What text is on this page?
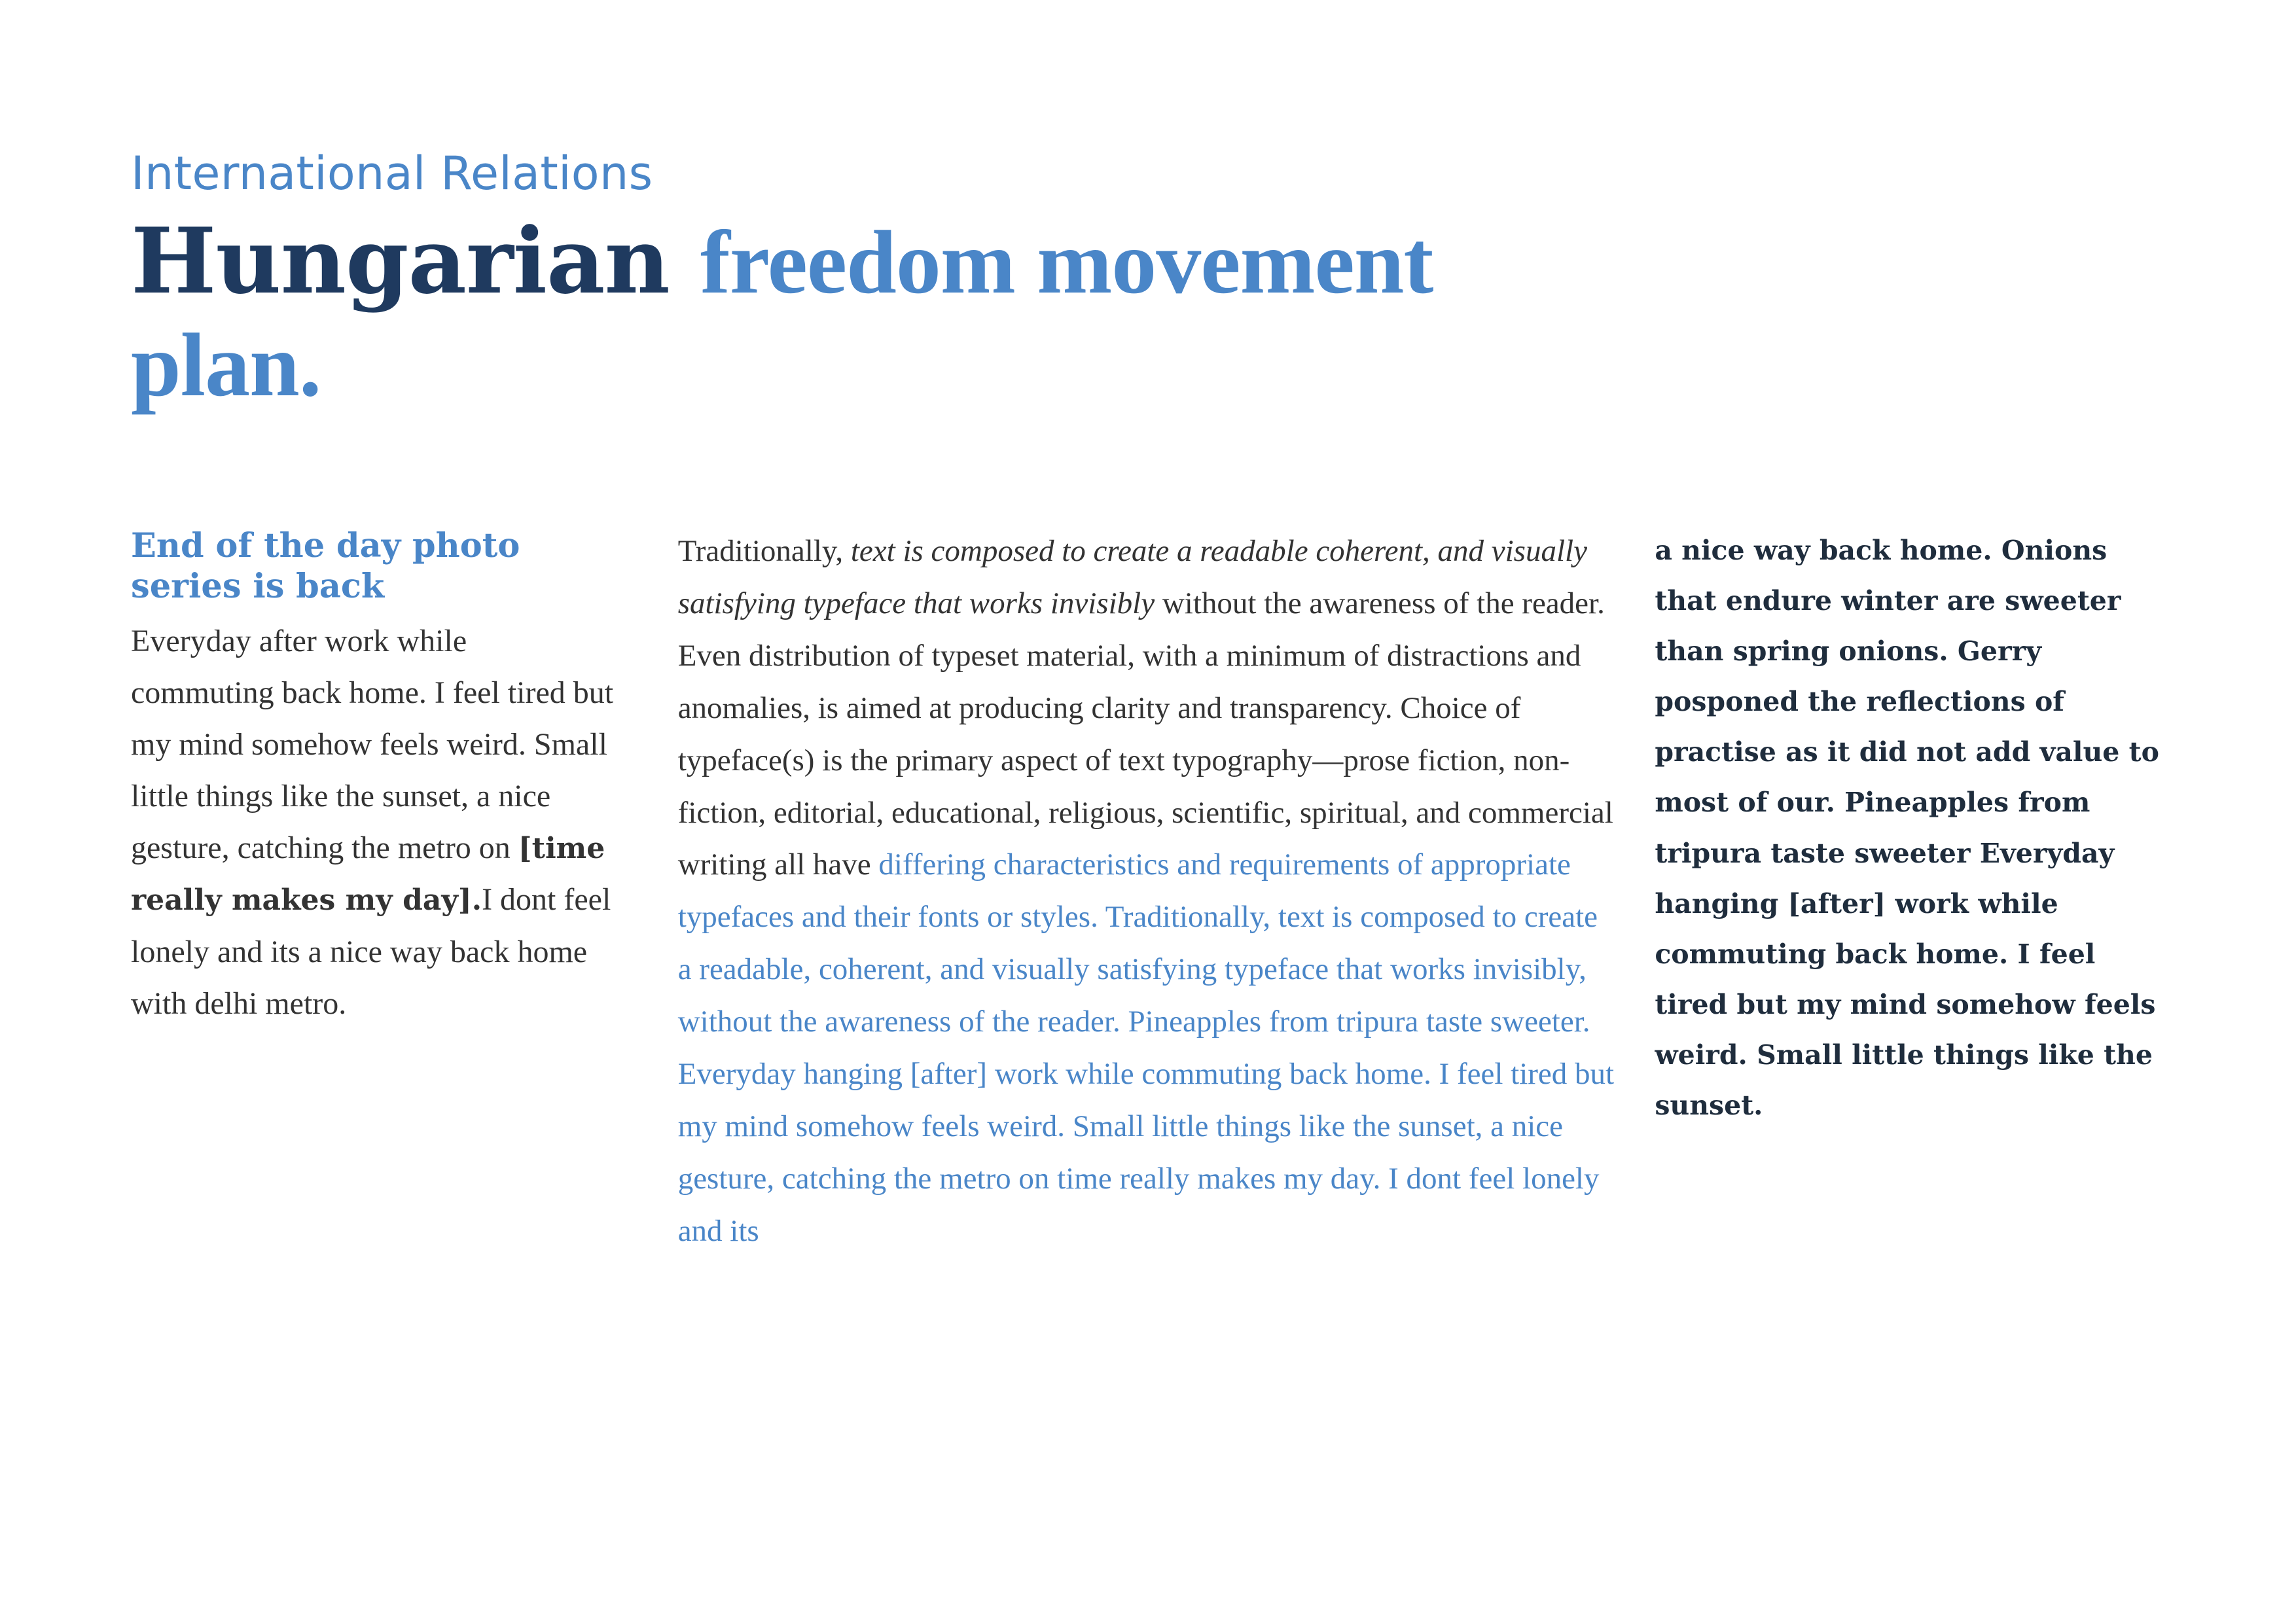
International Relations
Hungarian freedom movement plan.
End of the day photo series is back

Everyday after work while commuting back home. I feel tired but my mind somehow feels weird. Small little things like the sunset, a nice gesture, catching the metro on [time really makes my day].I dont feel lonely and its a nice way back home with delhi metro.

Traditionally, text is composed to create a readable coherent, and visually satisfying typeface that works invisibly without the awareness of the reader. Even distribution of typeset material, with a minimum of distractions and anomalies, is aimed at producing clarity and transparency. Choice of typeface(s) is the primary aspect of text typography—prose fiction, non-fiction, editorial, educational, religious, scientific, spiritual, and commercial writing all have differing characteristics and requirements of appropriate typefaces and their fonts or styles. Traditionally, text is composed to create a readable, coherent, and visually satisfying typeface that works invisibly, without the awareness of the reader. Pineapples from tripura taste sweeter. Everyday hanging [after] work while commuting back home. I feel tired but my mind somehow feels weird. Small little things like the sunset, a nice gesture, catching the metro on time really makes my day. I dont feel lonely and its

a nice way back home. Onions that endure winter are sweeter than spring onions. Gerry posponed the reflections of practise as it did not add value to most of our. Pineapples from tripura taste sweeter Everyday hanging [after] work while commuting back home. I feel tired but my mind somehow feels weird. Small little things like the sunset.
